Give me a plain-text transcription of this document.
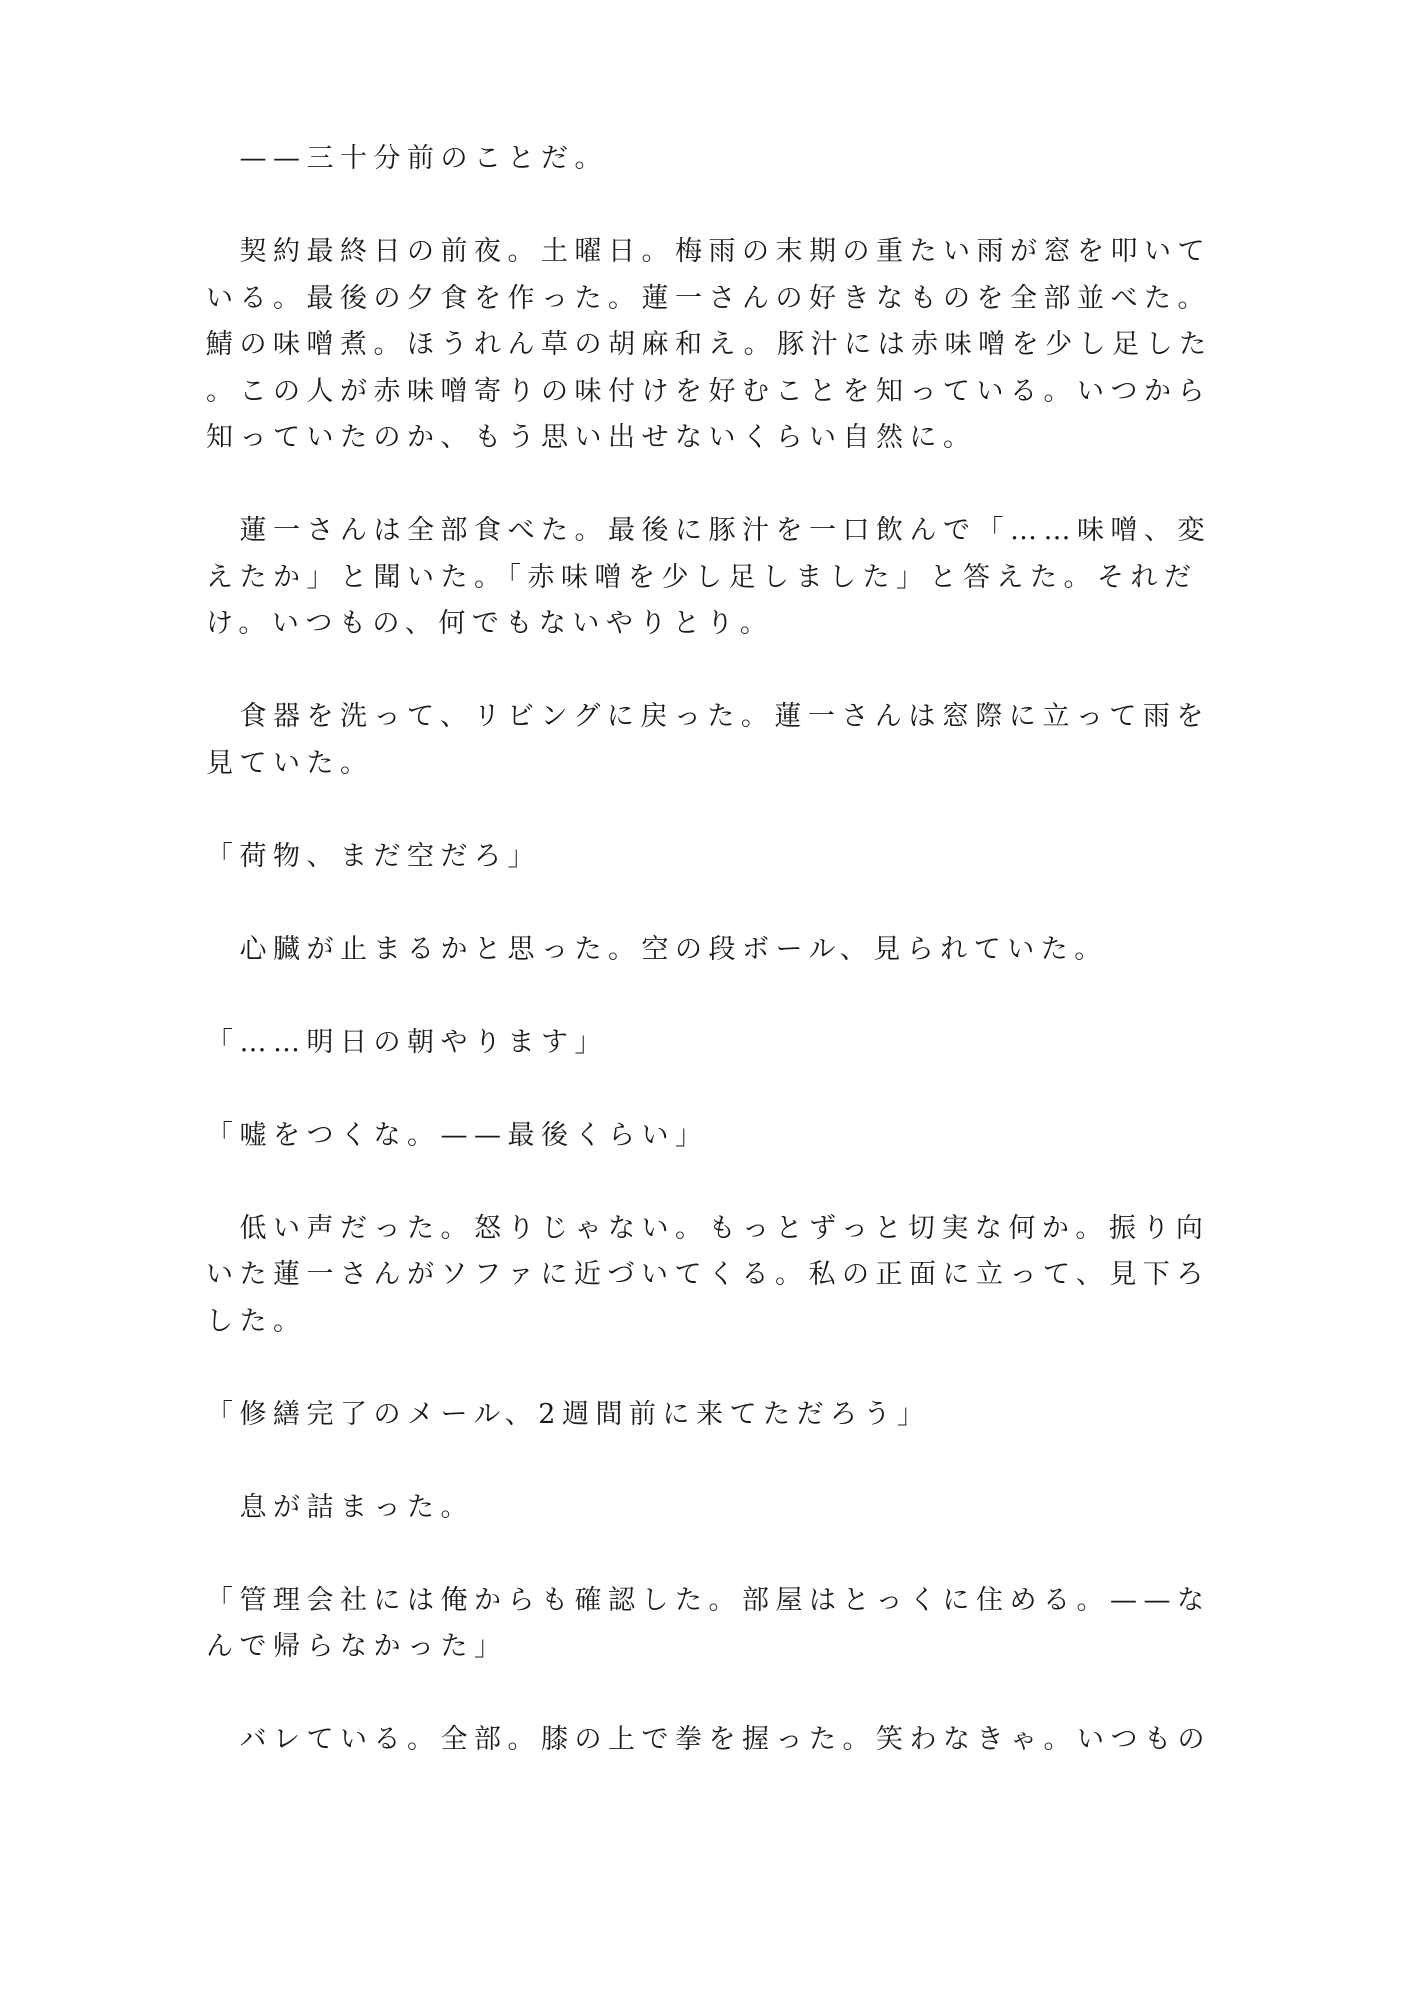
　——三十分前のことだ。
　契約最終日の前夜。土曜日。梅雨の末期の重たい雨が窓を叩いて
いる。最後の夕食を作った。蓮一さんの好きなものを全部並べた。
鯖の味噌煮。ほうれん草の胡麻和え。豚汁には赤味噌を少し足した
。この人が赤味噌寄りの味付けを好むことを知っている。いつから
知っていたのか、もう思い出せないくらい自然に。
　蓮一さんは全部食べた。最後に豚汁を一口飲んで「……味噌、変
えたか」と聞いた。「赤味噌を少し足しました」と答えた。それだ
け。いつもの、何でもないやりとり。
　食器を洗って、リビングに戻った。蓮一さんは窓際に立って雨を
見ていた。
「荷物、まだ空だろ」
　心臓が止まるかと思った。空の段ボール、見られていた。
「……明日の朝やります」
「嘘をつくな。——最後くらい」
　低い声だった。怒りじゃない。もっとずっと切実な何か。振り向
いた蓮一さんがソファに近づいてくる。私の正面に立って、見下ろ
した。
「修繕完了のメール、2週間前に来てただろう」
　息が詰まった。
「管理会社には俺からも確認した。部屋はとっくに住める。——な
んで帰らなかった」
　バレている。全部。膝の上で拳を握った。笑わなきゃ。いつもの
